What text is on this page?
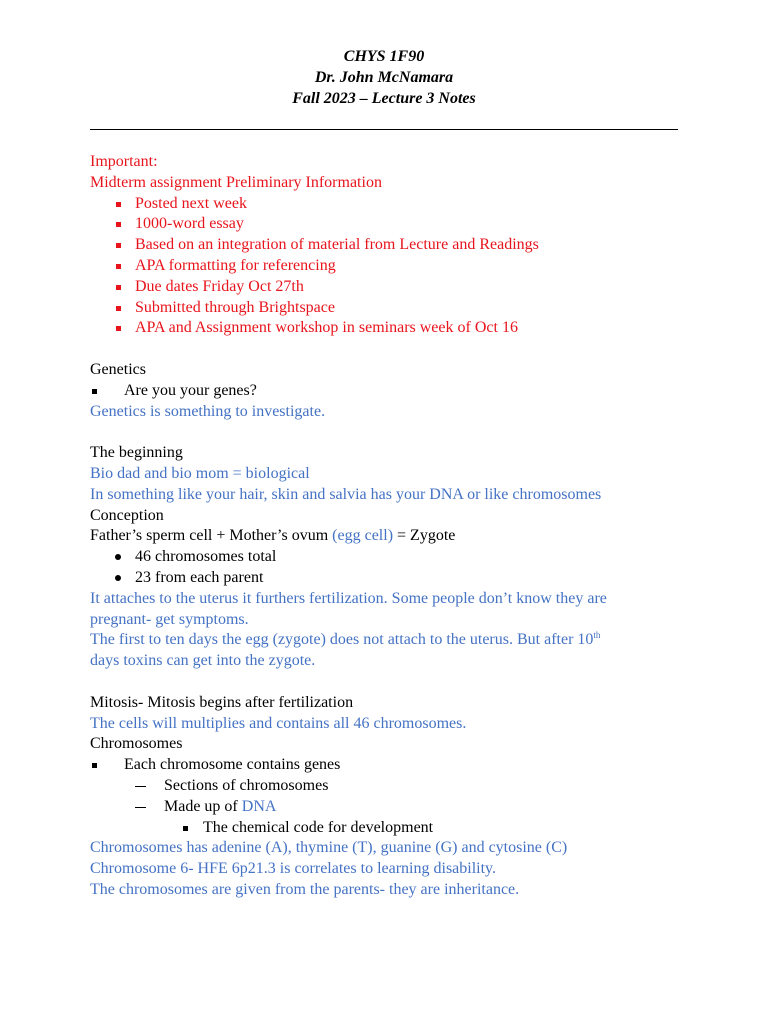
CHYS 1F90
Dr. John McNamara
Fall 2023 – Lecture 3 Notes
Important:
Midterm assignment Preliminary Information
Posted next week
1000-word essay
Based on an integration of material from Lecture and Readings
APA formatting for referencing
Due dates Friday Oct 27th
Submitted through Brightspace
APA and Assignment workshop in seminars week of Oct 16
Genetics
Are you your genes?
Genetics is something to investigate.
The beginning
Bio dad and bio mom = biological
In something like your hair, skin and salvia has your DNA or like chromosomes
Conception
Father’s sperm cell + Mother’s ovum (egg cell) = Zygote
46 chromosomes total
23 from each parent
It attaches to the uterus it furthers fertilization. Some people don’t know they are
pregnant- get symptoms.
The first to ten days the egg (zygote) does not attach to the uterus. But after 10th
days toxins can get into the zygote.
Mitosis- Mitosis begins after fertilization
The cells will multiplies and contains all 46 chromosomes.
Chromosomes
Each chromosome contains genes
Sections of chromosomes
Made up of DNA
The chemical code for development
Chromosomes has adenine (A), thymine (T), guanine (G) and cytosine (C)
Chromosome 6- HFE 6p21.3 is correlates to learning disability.
The chromosomes are given from the parents- they are inheritance.
